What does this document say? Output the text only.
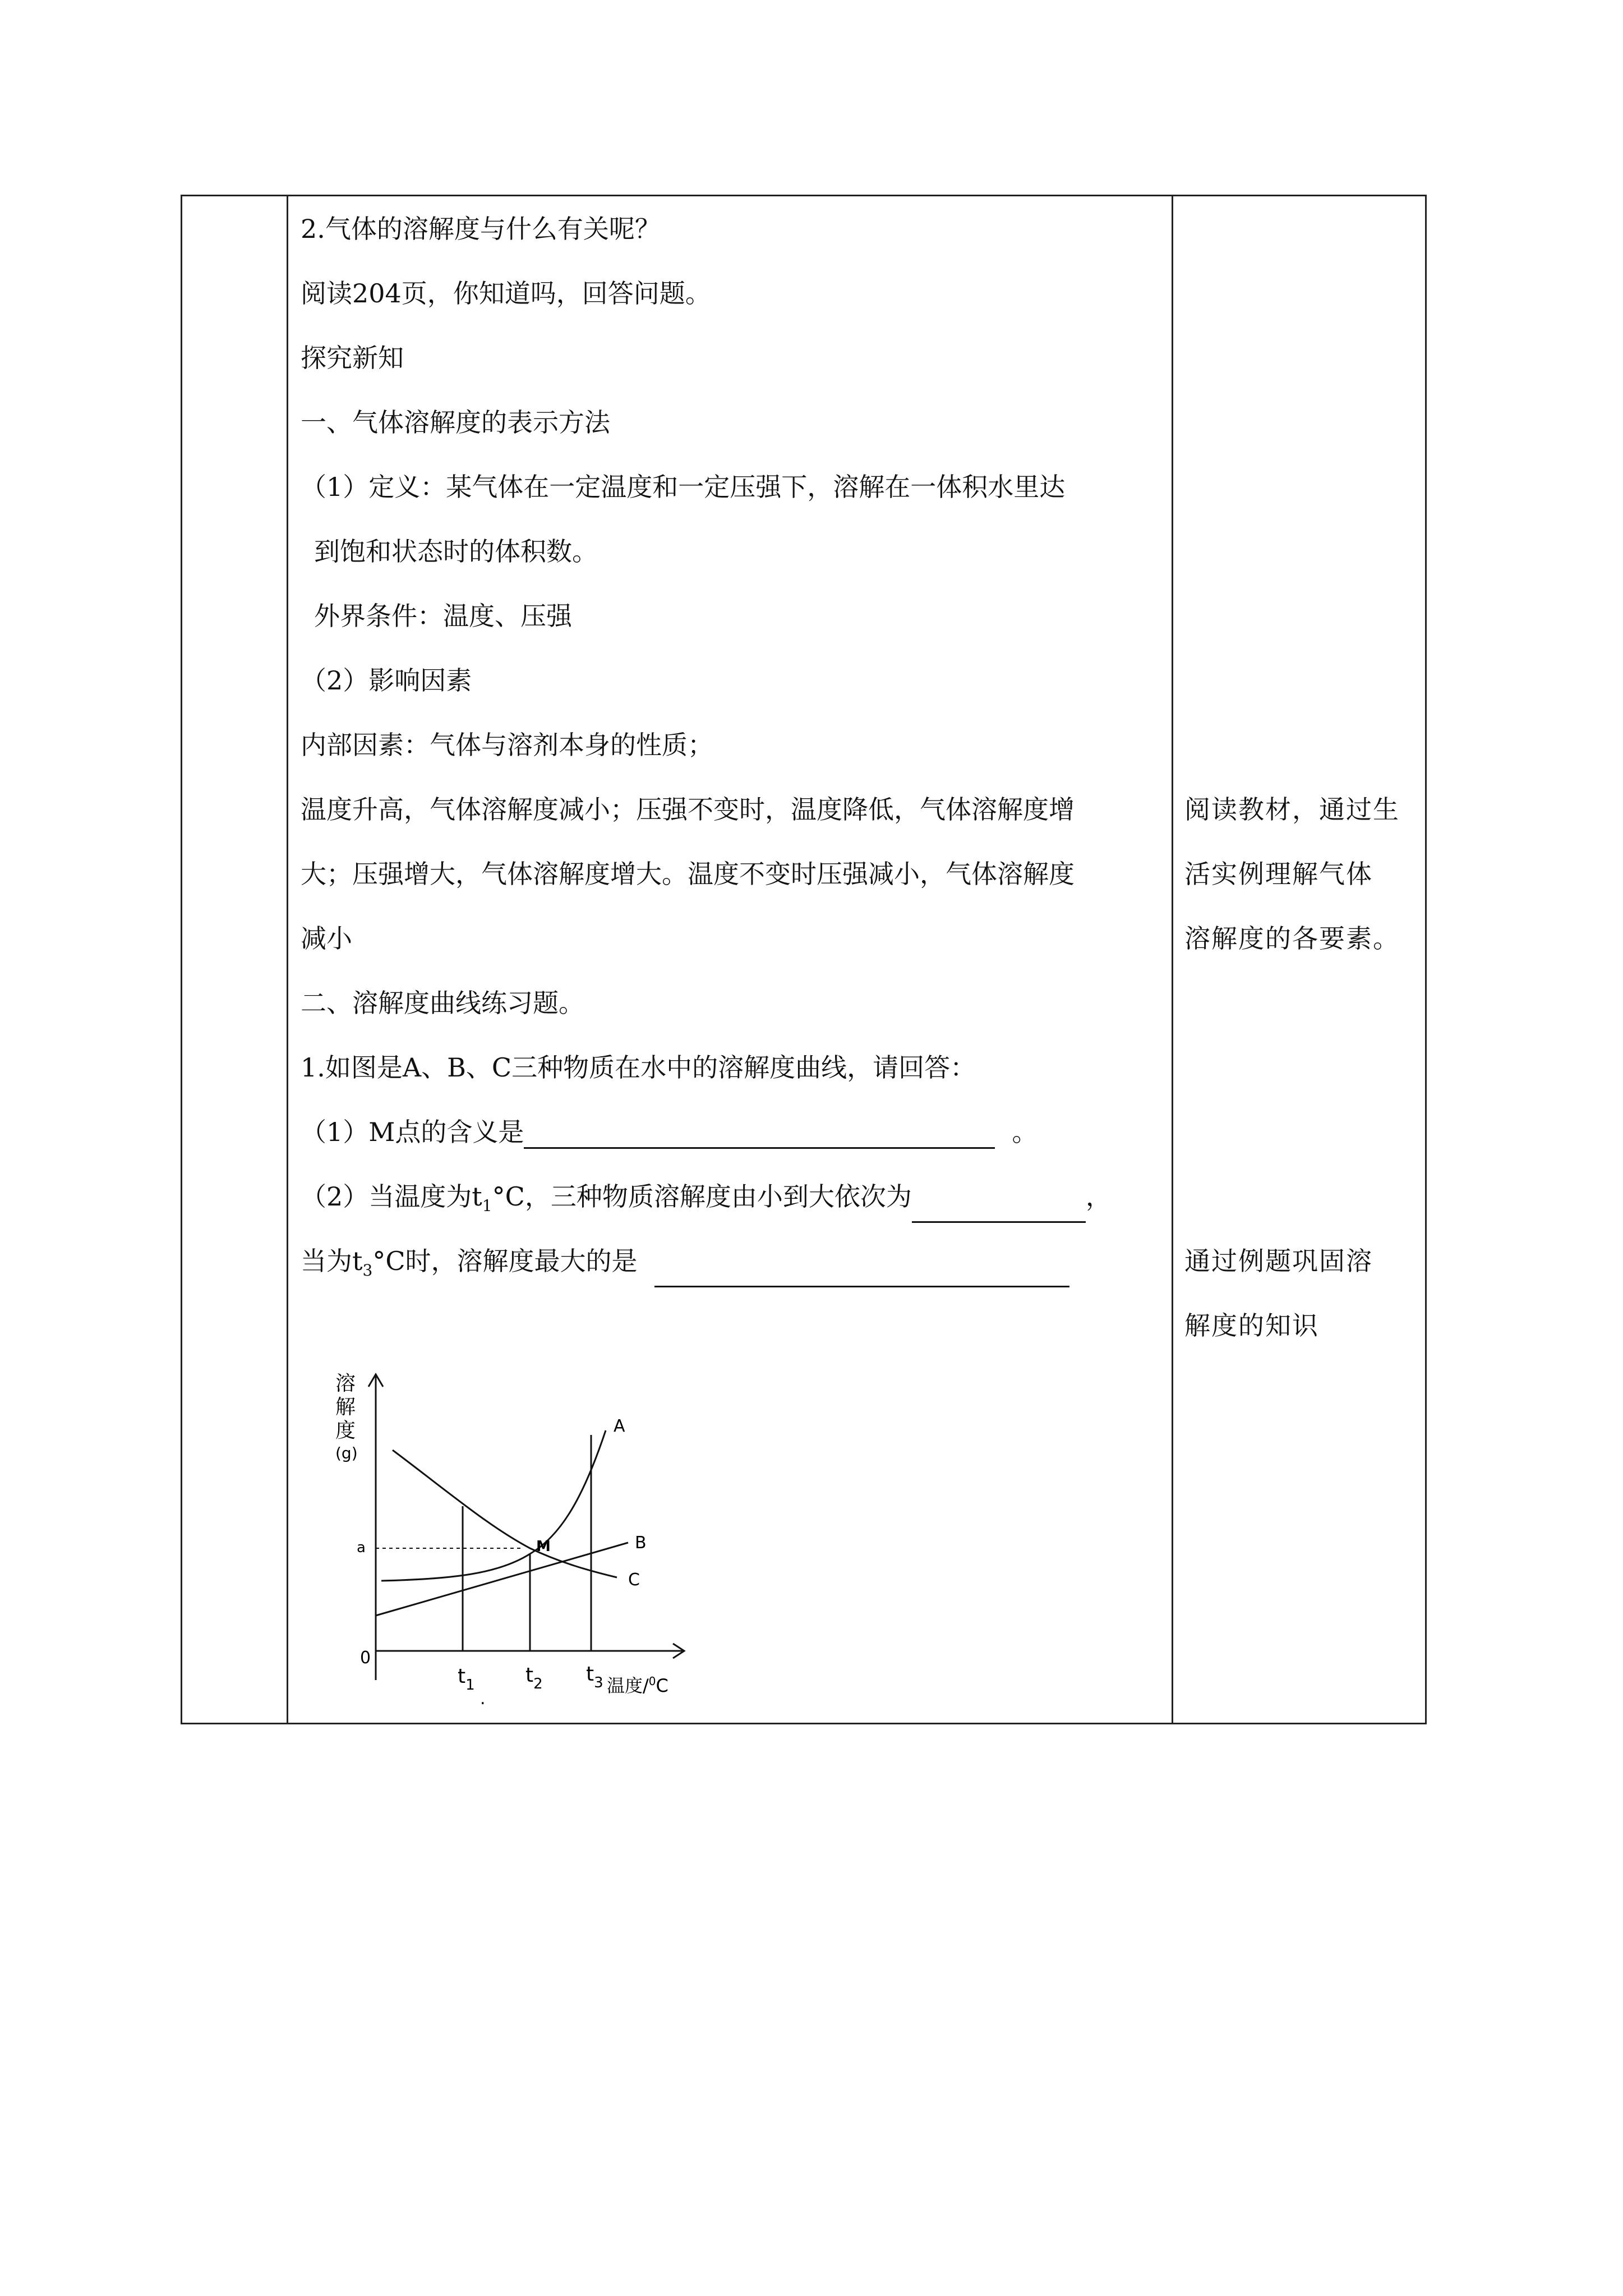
2.气体的溶解度与什么有关呢？
阅读204页，你知道吗，回答问题。
探究新知
一、气体溶解度的表示方法
（1）定义：某气体在一定温度和一定压强下，溶解在一体积水里达
到饱和状态时的体积数。
外界条件：温度、压强
（2）影响因素
内部因素：气体与溶剂本身的性质；
温度升高，气体溶解度减小；压强不变时，温度降低，气体溶解度增
大；压强增大，气体溶解度增大。温度不变时压强减小，气体溶解度
减小
二、溶解度曲线练习题。
1.如图是A、B、C三种物质在水中的溶解度曲线，请回答：
（1）M点的含义是	。
（2）当温度为$t_1^\circ C$，三种物质溶解度由小到大依次为	，
当为$t_3^\circ C$时，溶解度最大的是
阅读教材，通过生
活实例理解气体
溶解度的各要素。
通过例题巩固溶
解度的知识
溶
解
度
(g)
a
0
$t_1$	$t_2$ $t_3$
.
温度/$^0$C
A
B
C
M
